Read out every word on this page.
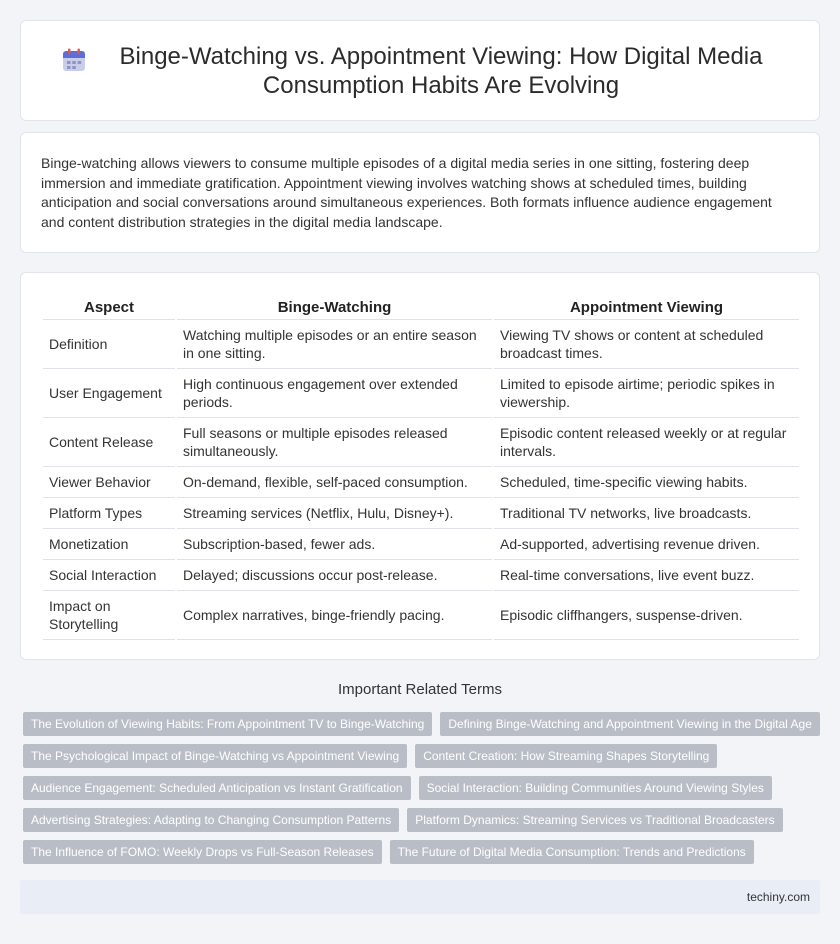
Binge-Watching vs. Appointment Viewing: How Digital Media Consumption Habits Are Evolving

Binge-watching allows viewers to consume multiple episodes of a digital media series in one sitting, fostering deep immersion and immediate gratification. Appointment viewing involves watching shows at scheduled times, building anticipation and social conversations around simultaneous experiences. Both formats influence audience engagement and content distribution strategies in the digital media landscape.

Aspect	Binge-Watching	Appointment Viewing
Definition	Watching multiple episodes or an entire season in one sitting.	Viewing TV shows or content at scheduled broadcast times.
User Engagement	High continuous engagement over extended periods.	Limited to episode airtime; periodic spikes in viewership.
Content Release	Full seasons or multiple episodes released simultaneously.	Episodic content released weekly or at regular intervals.
Viewer Behavior	On-demand, flexible, self-paced consumption.	Scheduled, time-specific viewing habits.
Platform Types	Streaming services (Netflix, Hulu, Disney+).	Traditional TV networks, live broadcasts.
Monetization	Subscription-based, fewer ads.	Ad-supported, advertising revenue driven.
Social Interaction	Delayed; discussions occur post-release.	Real-time conversations, live event buzz.
Impact on Storytelling	Complex narratives, binge-friendly pacing.	Episodic cliffhangers, suspense-driven.
Important Related Terms
The Evolution of Viewing Habits: From Appointment TV to Binge-Watching	Defining Binge-Watching and Appointment Viewing in the Digital Age
The Psychological Impact of Binge-Watching vs Appointment Viewing	Content Creation: How Streaming Shapes Storytelling
Audience Engagement: Scheduled Anticipation vs Instant Gratification	Social Interaction: Building Communities Around Viewing Styles
Advertising Strategies: Adapting to Changing Consumption Patterns	Platform Dynamics: Streaming Services vs Traditional Broadcasters
The Influence of FOMO: Weekly Drops vs Full-Season Releases	The Future of Digital Media Consumption: Trends and Predictions
techiny.com
